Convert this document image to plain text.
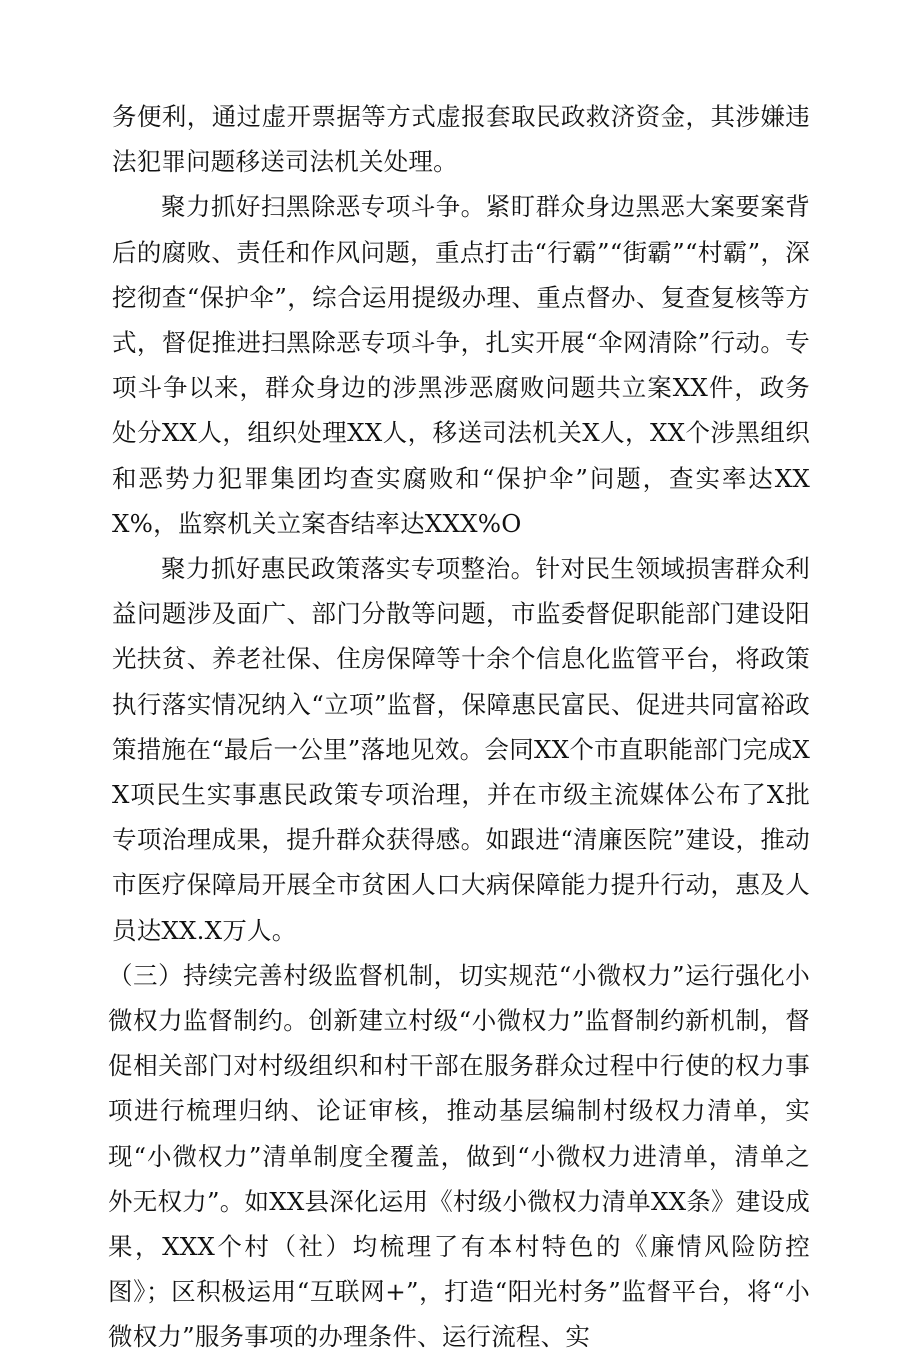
务便利，通过虚开票据等方式虚报套取民政救济资金，其涉嫌违法犯罪问题移送司法机关处理。

聚力抓好扫黑除恶专项斗争。紧盯群众身边黑恶大案要案背后的腐败、责任和作风问题，重点打击“行霸”“街霸”“村霸”，深挖彻查“保护伞”，综合运用提级办理、重点督办、复查复核等方式，督促推进扫黑除恶专项斗争，扎实开展“伞网清除”行动。专项斗争以来，群众身边的涉黑涉恶腐败问题共立案XX件，政务处分XX人，组织处理XX人，移送司法机关X人，XX个涉黑组织和恶势力犯罪集团均查实腐败和“保护伞”问题，查实率达XXX%，监察机关立案杳结率达XXX%O

聚力抓好惠民政策落实专项整治。针对民生领域损害群众利益问题涉及面广、部门分散等问题，市监委督促职能部门建设阳光扶贫、养老社保、住房保障等十余个信息化监管平台，将政策执行落实情况纳入“立项”监督，保障惠民富民、促进共同富裕政策措施在“最后一公里”落地见效。会同XX个市直职能部门完成XX项民生实事惠民政策专项治理，并在市级主流媒体公布了X批专项治理成果，提升群众获得感。如跟进“清廉医院”建设，推动市医疗保障局开展全市贫困人口大病保障能力提升行动，惠及人员达XX.X万人。

（三）持续完善村级监督机制，切实规范“小微权力”运行强化小微权力监督制约。创新建立村级“小微权力”监督制约新机制，督促相关部门对村级组织和村干部在服务群众过程中行使的权力事项进行梳理归纳、论证审核，推动基层编制村级权力清单，实现“小微权力”清单制度全覆盖，做到“小微权力进清单，清单之外无权力”。如XX县深化运用《村级小微权力清单XX条》建设成果，XXX个村（社）均梳理了有本村特色的《廉情风险防控图》；区积极运用“互联网+”，打造“阳光村务”监督平台，将“小微权力”服务事项的办理条件、运行流程、实
